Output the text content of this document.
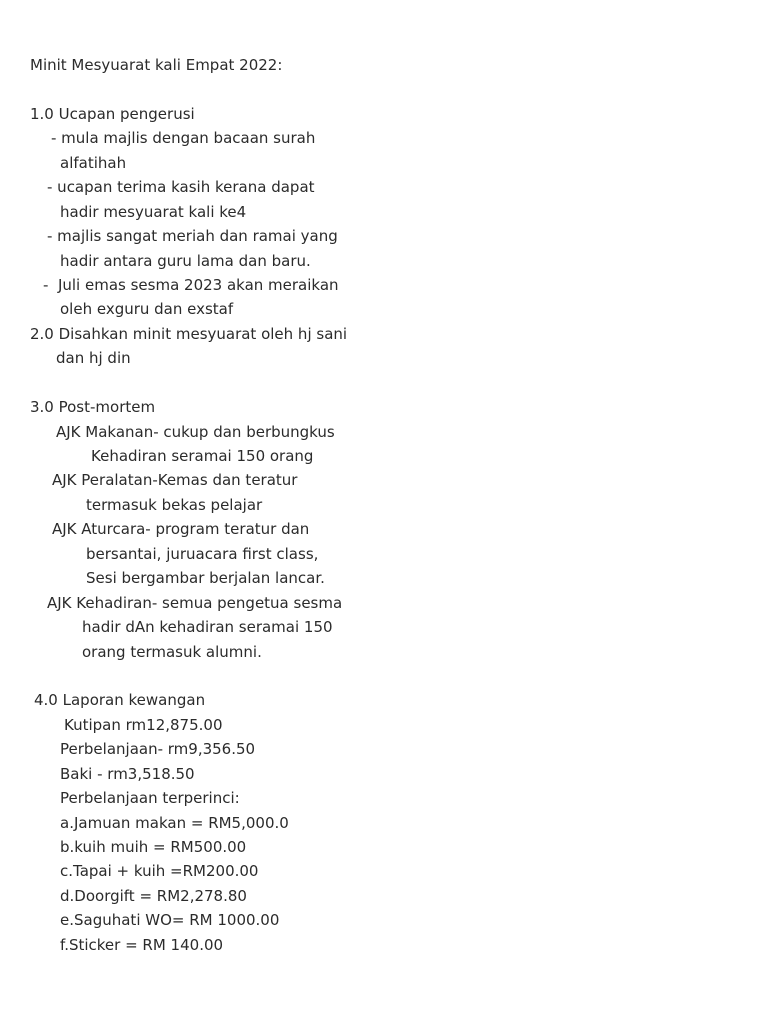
Minit Mesyuarat kali Empat 2022:
1.0 Ucapan pengerusi
- mula majlis dengan bacaan surah
alfatihah
- ucapan terima kasih kerana dapat
hadir mesyuarat kali ke4
- majlis sangat meriah dan ramai yang
hadir antara guru lama dan baru.
-  Juli emas sesma 2023 akan meraikan
oleh exguru dan exstaf
2.0 Disahkan minit mesyuarat oleh hj sani
dan hj din
3.0 Post-mortem
AJK Makanan- cukup dan berbungkus
Kehadiran seramai 150 orang
AJK Peralatan-Kemas dan teratur
termasuk bekas pelajar
AJK Aturcara- program teratur dan
bersantai, juruacara first class,
Sesi bergambar berjalan lancar.
AJK Kehadiran- semua pengetua sesma
hadir dAn kehadiran seramai 150
orang termasuk alumni.
4.0 Laporan kewangan
Kutipan rm12,875.00
Perbelanjaan- rm9,356.50
Baki - rm3,518.50
Perbelanjaan terperinci:
a.Jamuan makan = RM5,000.0
b.kuih muih = RM500.00
c.Tapai + kuih =RM200.00
d.Doorgift = RM2,278.80
e.Saguhati WO= RM 1000.00
f.Sticker = RM 140.00
